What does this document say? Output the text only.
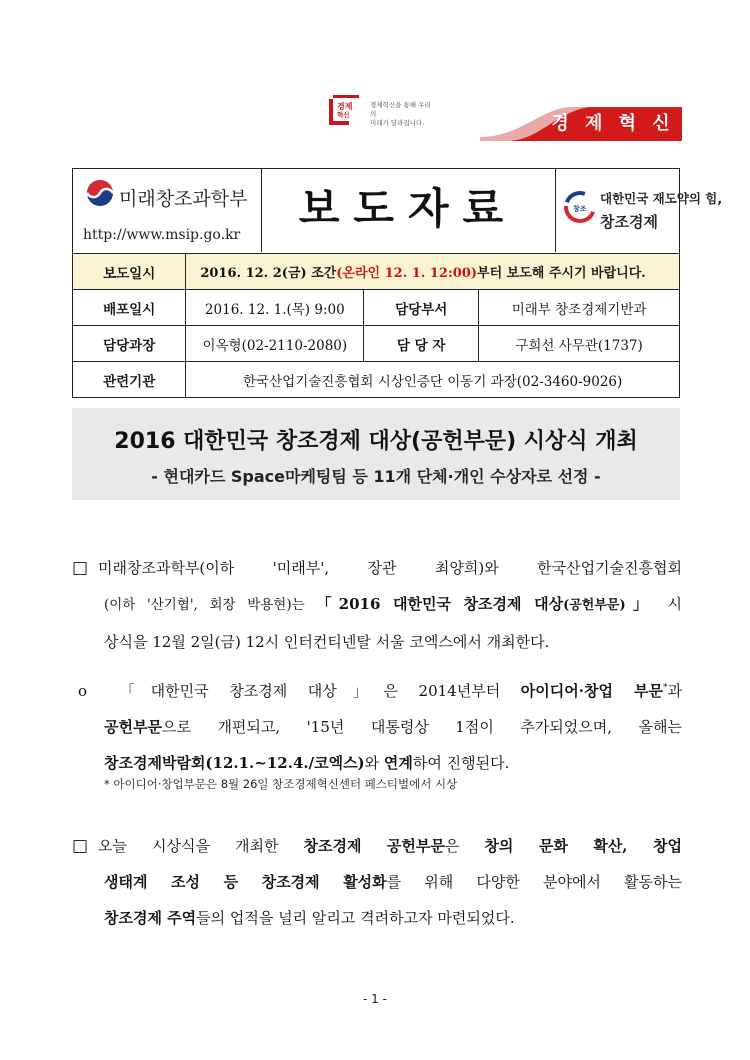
경제
혁신
경제혁신을 통해 우리의
미래가 달라집니다.	경 제 혁 신
미래창조과학부
http://www.msip.go.kr
보도자료	창조
대한민국 재도약의 힘,
창조경제
보도일시	2016. 12. 2(금) 조간(온라인 12. 1. 12:00)부터 보도해 주시기 바랍니다.		
배포일시	2016. 12. 1.(목) 9:00	담당부서	미래부 창조경제기반과
담당과장	이옥형(02-2110-2080)	담 당 자	구희선 사무관(1737)
관련기관	한국산업기술진흥협회 시상인증단 이동기 과장(02-3460-9026)		
2016 대한민국 창조경제 대상(공헌부문) 시상식 개최
- 현대카드 Space마케팅팀 등 11개 단체·개인 수상자로 선정 -
□ 미래창조과학부(이하 '미래부', 장관 최양희)와 한국산업기술진흥협회
(이하 '산기협', 회장 박용현)는 「2016 대한민국 창조경제 대상(공헌부문)」 시
상식을 12월 2일(금) 12시 인터컨티넨탈 서울 코엑스에서 개최한다.
o 「대한민국 창조경제 대상」은 2014년부터 아이디어·창업 부문*과
공헌부문으로 개편되고, '15년 대통령상 1점이 추가되었으며, 올해는
창조경제박람회(12.1.~12.4./코엑스)와 연계하여 진행된다.
* 아이디어·창업부문은 8월 26일 창조경제혁신센터 페스티벌에서 시상
□ 오늘 시상식을 개최한 창조경제 공헌부문은 창의 문화 확산, 창업
생태계 조성 등 창조경제 활성화를 위해 다양한 분야에서 활동하는
창조경제 주역들의 업적을 널리 알리고 격려하고자 마련되었다.
- 1 -
